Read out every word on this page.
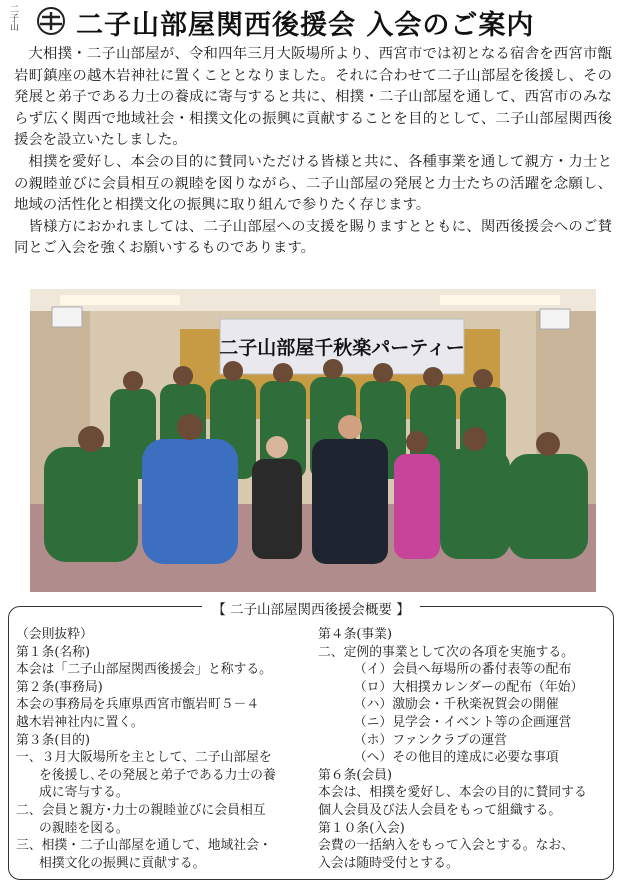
二子山 二子山部屋関西後援会 入会のご案内

大相撲・二子山部屋が、令和四年三月大阪場所より、西宮市では初となる宿舎を西宮市甑岩町鎮座の越木岩神社に置くこととなりました。それに合わせて二子山部屋を後援し、その発展と弟子である力士の養成に寄与すると共に、相撲・二子山部屋を通して、西宮市のみならず広く関西で地域社会・相撲文化の振興に貢献することを目的として、二子山部屋関西後援会を設立いたしました。

相撲を愛好し、本会の目的に賛同いただける皆様と共に、各種事業を通して親方・力士との親睦並びに会員相互の親睦を図りながら、二子山部屋の発展と力士たちの活躍を念願し、地域の活性化と相撲文化の振興に取り組んで参りたく存じます。

皆様方におかれましては、二子山部屋への支援を賜りますとともに、関西後援会へのご賛同とご入会を強くお願いするものであります。

二子山部屋千秋楽パーティー
【 二子山部屋関西後援会概要 】
（会則抜粋）
第１条(名称)
本会は「二子山部屋関西後援会」と称する。
第２条(事務局)
本会の事務局を兵庫県西宮市甑岩町５－４
越木岩神社内に置く。
第３条(目的)
一、３月大阪場所を主として、二子山部屋を
を後援し､その発展と弟子である力士の養
成に寄与する。
二、会員と親方･力士の親睦並びに会員相互
の親睦を図る。
三、相撲・二子山部屋を通して、地域社会・
相撲文化の振興に貢献する。
第４条(事業)
二、定例的事業として次の各項を実施する。
（イ）会員へ毎場所の番付表等の配布
（ロ）大相撲カレンダーの配布（年始）
（ハ）激励会・千秋楽祝賀会の開催
（ニ）見学会・イベント等の企画運営
（ホ）ファンクラブの運営
（ヘ）その他目的達成に必要な事項
第６条(会員)
本会は、相撲を愛好し、本会の目的に賛同する
個人会員及び法人会員をもって組織する。
第１０条(入会)
会費の一括納入をもって入会とする。なお、
入会は随時受付とする。
